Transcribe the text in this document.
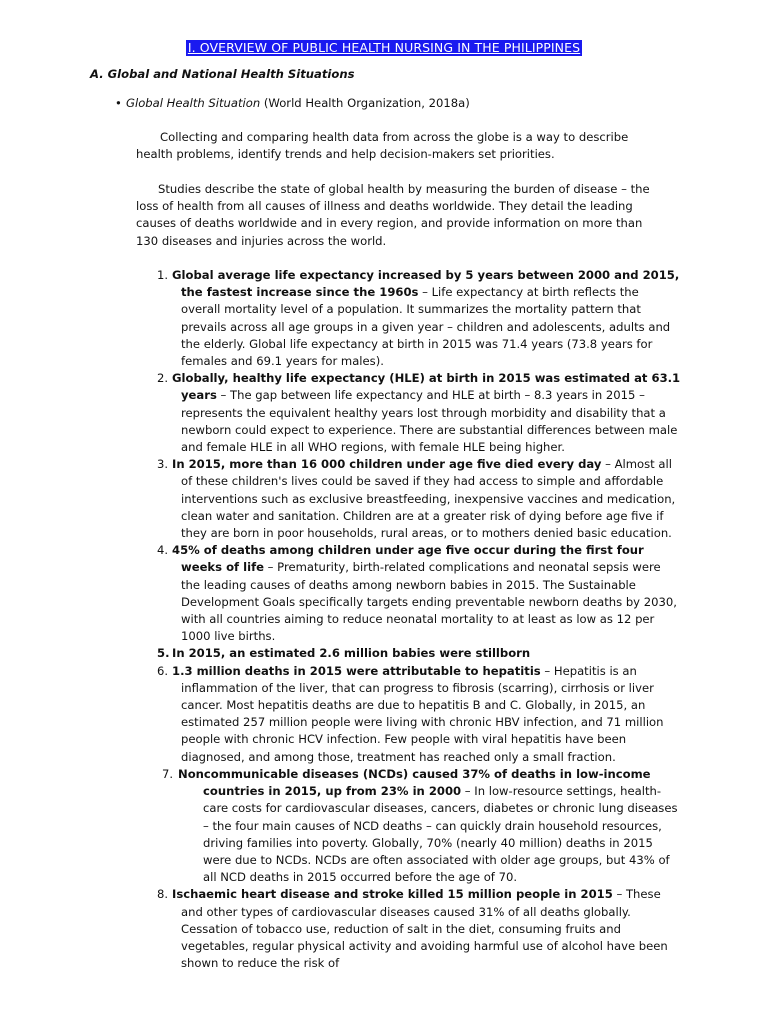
I. OVERVIEW OF PUBLIC HEALTH NURSING IN THE PHILIPPINES
A. Global and National Health Situations
• Global Health Situation (World Health Organization, 2018a)

Collecting and comparing health data from across the globe is a way to describe health problems, identify trends and help decision-makers set priorities.

Studies describe the state of global health by measuring the burden of disease – the loss of health from all causes of illness and deaths worldwide. They detail the leading causes of deaths worldwide and in every region, and provide information on more than 130 diseases and injuries across the world.

1. Global average life expectancy increased by 5 years between 2000 and 2015, the fastest increase since the 1960s – Life expectancy at birth reflects the overall mortality level of a population. It summarizes the mortality pattern that prevails across all age groups in a given year – children and adolescents, adults and the elderly. Global life expectancy at birth in 2015 was 71.4 years (73.8 years for females and 69.1 years for males).
2. Globally, healthy life expectancy (HLE) at birth in 2015 was estimated at 63.1 years – The gap between life expectancy and HLE at birth – 8.3 years in 2015 – represents the equivalent healthy years lost through morbidity and disability that a newborn could expect to experience. There are substantial differences between male and female HLE in all WHO regions, with female HLE being higher.
3. In 2015, more than 16 000 children under age five died every day – Almost all of these children's lives could be saved if they had access to simple and affordable interventions such as exclusive breastfeeding, inexpensive vaccines and medication, clean water and sanitation. Children are at a greater risk of dying before age five if they are born in poor households, rural areas, or to mothers denied basic education.
4. 45% of deaths among children under age five occur during the first four weeks of life – Prematurity, birth-related complications and neonatal sepsis were the leading causes of deaths among newborn babies in 2015. The Sustainable Development Goals specifically targets ending preventable newborn deaths by 2030, with all countries aiming to reduce neonatal mortality to at least as low as 12 per 1000 live births.
5. In 2015, an estimated 2.6 million babies were stillborn
6. 1.3 million deaths in 2015 were attributable to hepatitis – Hepatitis is an inflammation of the liver, that can progress to fibrosis (scarring), cirrhosis or liver cancer. Most hepatitis deaths are due to hepatitis B and C. Globally, in 2015, an estimated 257 million people were living with chronic HBV infection, and 71 million people with chronic HCV infection. Few people with viral hepatitis have been diagnosed, and among those, treatment has reached only a small fraction.
7. Noncommunicable diseases (NCDs) caused 37% of deaths in low-income countries in 2015, up from 23% in 2000 – In low-resource settings, health-care costs for cardiovascular diseases, cancers, diabetes or chronic lung diseases – the four main causes of NCD deaths – can quickly drain household resources, driving families into poverty. Globally, 70% (nearly 40 million) deaths in 2015 were due to NCDs. NCDs are often associated with older age groups, but 43% of all NCD deaths in 2015 occurred before the age of 70.
8. Ischaemic heart disease and stroke killed 15 million people in 2015 – These and other types of cardiovascular diseases caused 31% of all deaths globally. Cessation of tobacco use, reduction of salt in the diet, consuming fruits and vegetables, regular physical activity and avoiding harmful use of alcohol have been shown to reduce the risk of
